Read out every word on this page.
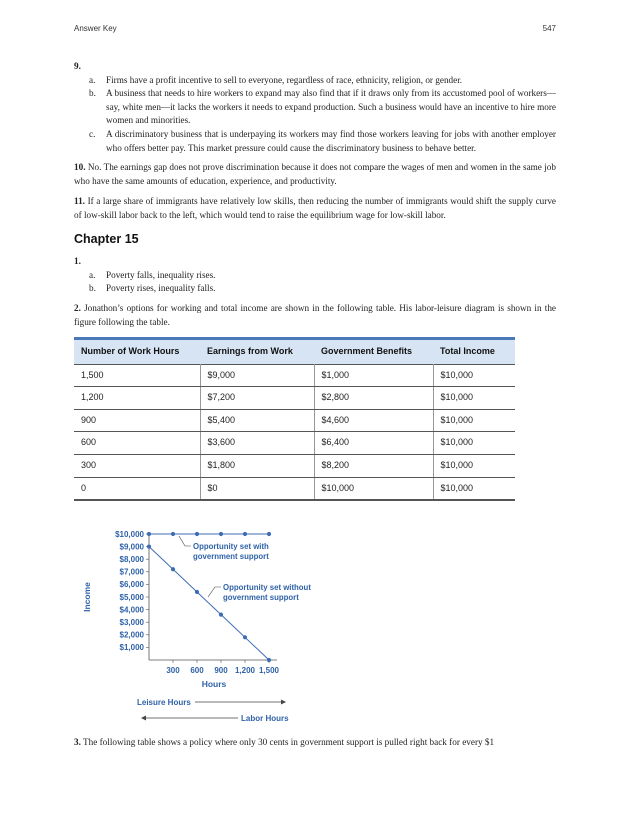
Answer Key	547
9.
a. Firms have a profit incentive to sell to everyone, regardless of race, ethnicity, religion, or gender.
b. A business that needs to hire workers to expand may also find that if it draws only from its accustomed pool of workers—say, white men—it lacks the workers it needs to expand production. Such a business would have an incentive to hire more women and minorities.
c. A discriminatory business that is underpaying its workers may find those workers leaving for jobs with another employer who offers better pay. This market pressure could cause the discriminatory business to behave better.

10. No. The earnings gap does not prove discrimination because it does not compare the wages of men and women in the same job who have the same amounts of education, experience, and productivity.

11. If a large share of immigrants have relatively low skills, then reducing the number of immigrants would shift the supply curve of low-skill labor back to the left, which would tend to raise the equilibrium wage for low-skill labor.

Chapter 15
1.
a. Poverty falls, inequality rises.
b. Poverty rises, inequality falls.

2. Jonathon’s options for working and total income are shown in the following table. His labor-leisure diagram is shown in the figure following the table.

Number of Work Hours	Earnings from Work	Government Benefits	Total Income
1,500	$9,000	$1,000	$10,000
1,200	$7,200	$2,800	$10,000
900	$5,400	$4,600	$10,000
600	$3,600	$6,400	$10,000
300	$1,800	$8,200	$10,000
0	$0	$10,000	$10,000
$1,000
$2,000
$3,000
$4,000
$5,000
$6,000
$7,000
$8,000
$9,000
$10,000
300 600 900 1,200 1,500
Income
Hours
Opportunity set with
government support
Opportunity set without
government support
Leisure Hours
Labor Hours
3. The following table shows a policy where only 30 cents in government support is pulled right back for every $1
